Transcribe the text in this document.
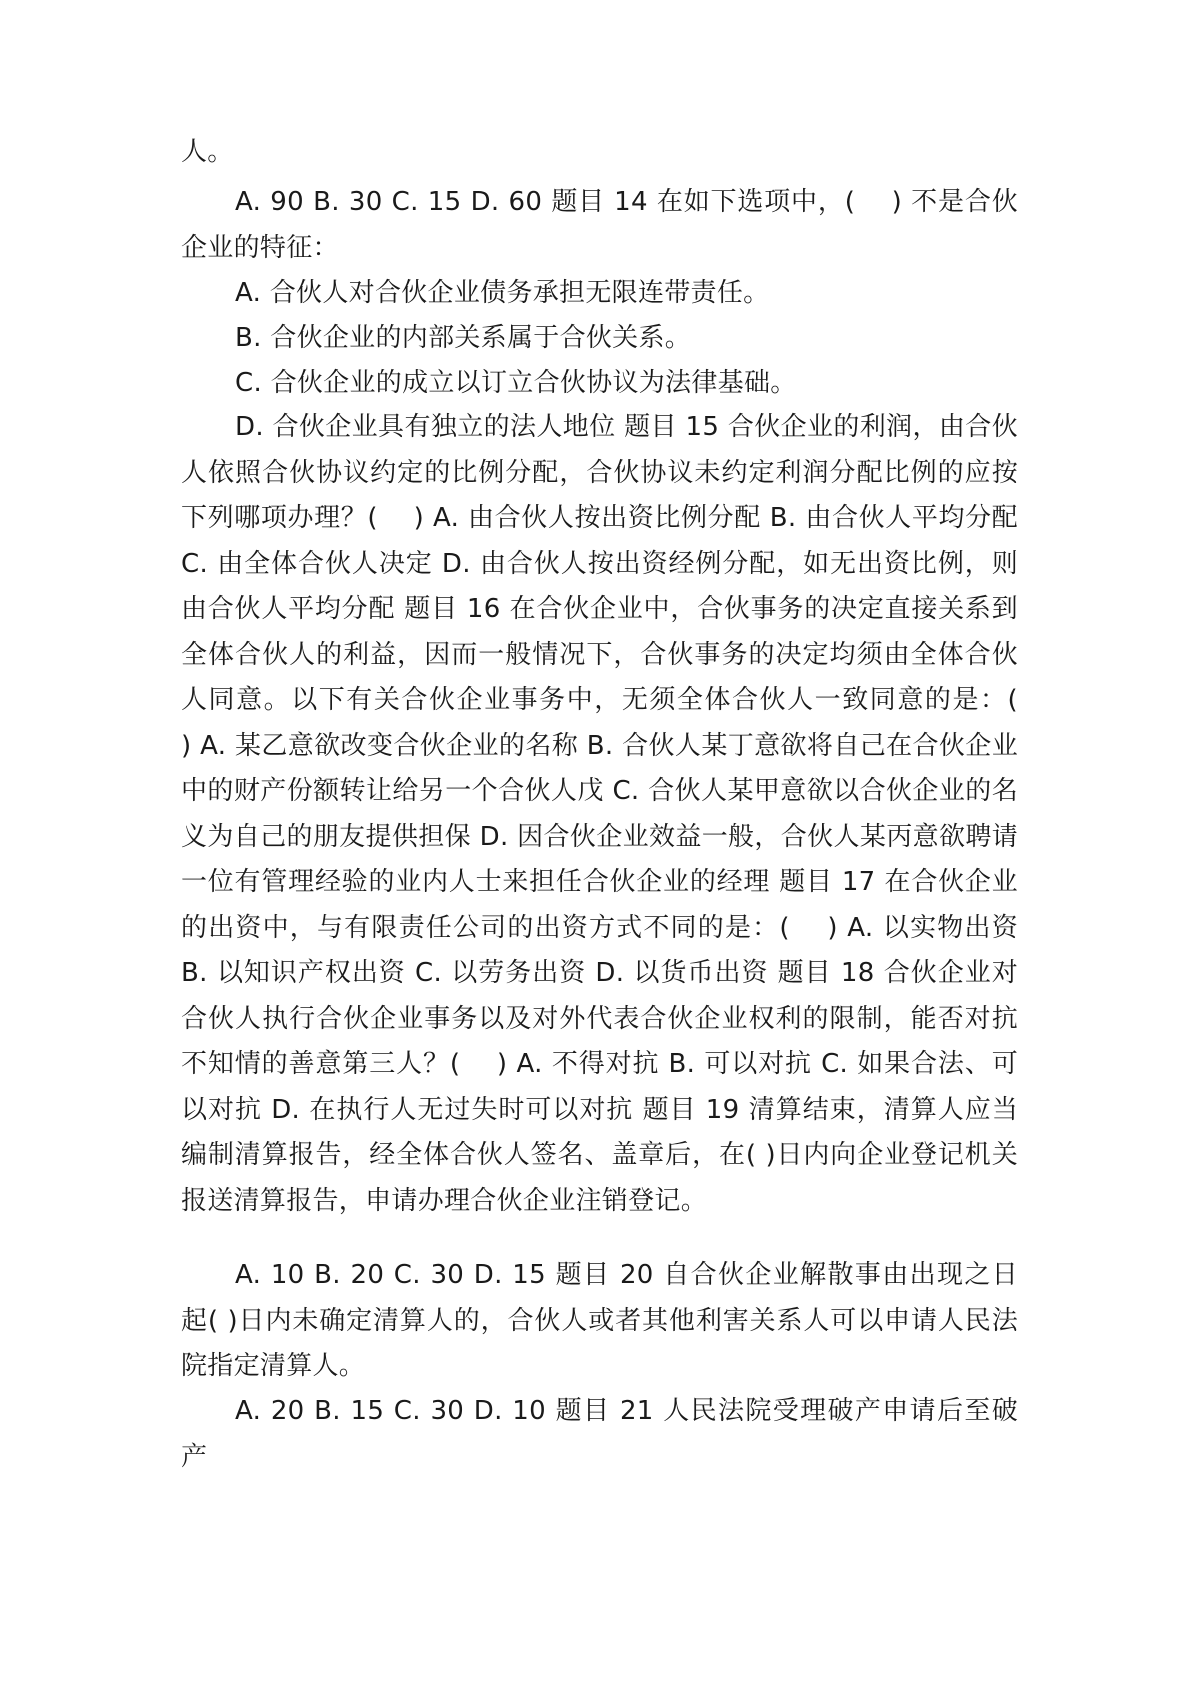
人。

A. 90 B. 30 C. 15 D. 60 题目 14 在如下选项中，(　 ) 不是合伙企业的特征：

A. 合伙人对合伙企业债务承担无限连带责任。

B. 合伙企业的内部关系属于合伙关系。

C. 合伙企业的成立以订立合伙协议为法律基础。

D. 合伙企业具有独立的法人地位 题目 15 合伙企业的利润，由合伙人依照合伙协议约定的比例分配，合伙协议未约定利润分配比例的应按下列哪项办理？(　 ) A. 由合伙人按出资比例分配 B. 由合伙人平均分配 C. 由全体合伙人决定 D. 由合伙人按出资经例分配，如无出资比例，则由合伙人平均分配 题目 16 在合伙企业中，合伙事务的决定直接关系到全体合伙人的利益，因而一般情况下，合伙事务的决定均须由全体合伙人同意。以下有关合伙企业事务中，无须全体合伙人一致同意的是：(　 ) A. 某乙意欲改变合伙企业的名称 B. 合伙人某丁意欲将自己在合伙企业中的财产份额转让给另一个合伙人戊 C. 合伙人某甲意欲以合伙企业的名义为自己的朋友提供担保 D. 因合伙企业效益一般，合伙人某丙意欲聘请一位有管理经验的业内人士来担任合伙企业的经理 题目 17 在合伙企业的出资中，与有限责任公司的出资方式不同的是：(　 ) A. 以实物出资 B. 以知识产权出资 C. 以劳务出资 D. 以货币出资 题目 18 合伙企业对合伙人执行合伙企业事务以及对外代表合伙企业权利的限制，能否对抗不知情的善意第三人？(　 ) A. 不得对抗 B. 可以对抗 C. 如果合法、可以对抗 D. 在执行人无过失时可以对抗 题目 19 清算结束，清算人应当编制清算报告，经全体合伙人签名、盖章后，在( )日内向企业登记机关报送清算报告，申请办理合伙企业注销登记。

A. 10 B. 20 C. 30 D. 15 题目 20 自合伙企业解散事由出现之日起( )日内未确定清算人的，合伙人或者其他利害关系人可以申请人民法院指定清算人。

A. 20 B. 15 C. 30 D. 10 题目 21 人民法院受理破产申请后至破产
